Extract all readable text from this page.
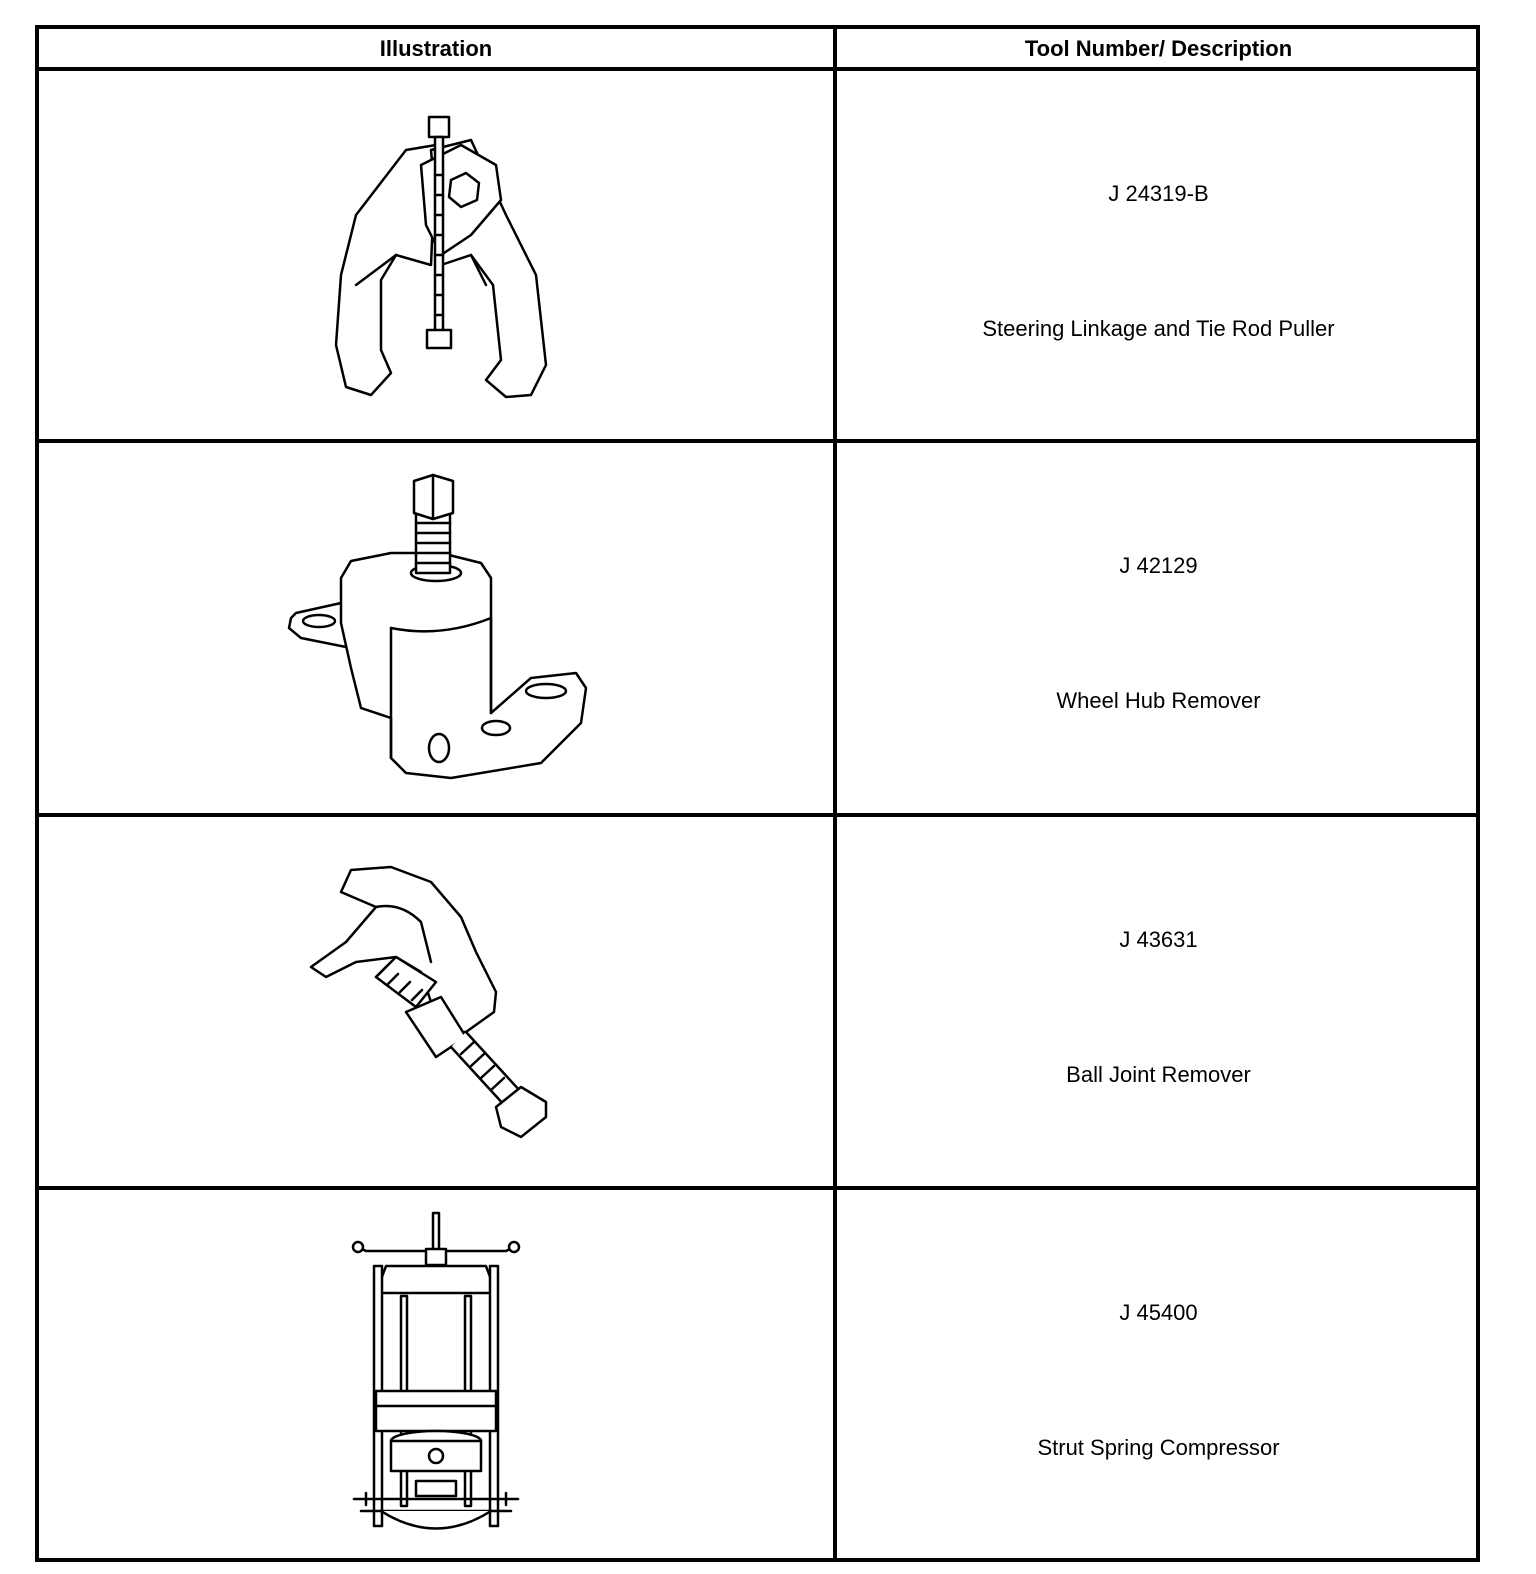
Illustration	Tool Number/ Description
J 24319-B
Steering Linkage and Tie Rod Puller
J 42129
Wheel Hub Remover
J 43631
Ball Joint Remover
J 45400
Strut Spring Compressor
